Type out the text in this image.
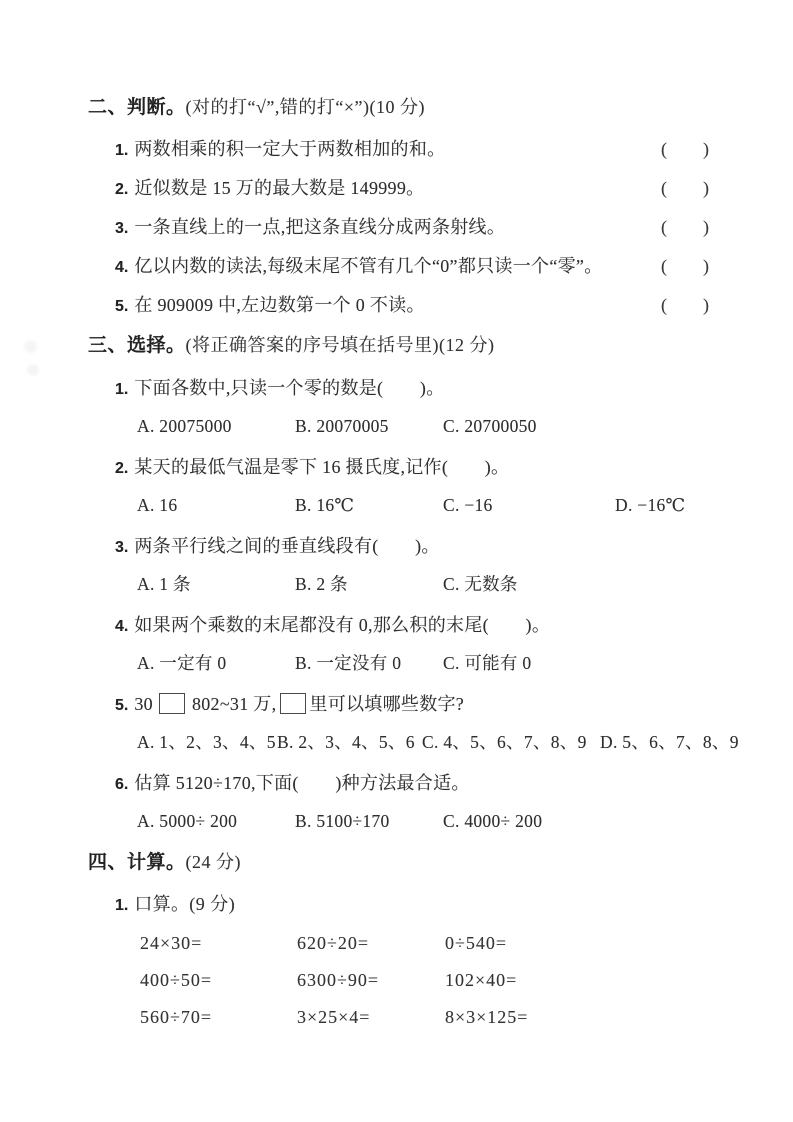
二、判断。(对的打“√”,错的打“×”)(10 分)
1. 两数相乘的积一定大于两数相加的和。	(　　)
2. 近似数是 15 万的最大数是 149999。	(　　)
3. 一条直线上的一点,把这条直线分成两条射线。	(　　)
4. 亿以内数的读法,每级末尾不管有几个“0”都只读一个“零”。	(　　)
5. 在 909009 中,左边数第一个 0 不读。	(　　)
三、选择。(将正确答案的序号填在括号里)(12 分)
1. 下面各数中,只读一个零的数是(　　)。
A. 20075000	B. 20070005	C. 20700050
2. 某天的最低气温是零下 16 摄氏度,记作(　　)。
A. 16	B. 16℃	C. −16	D. −16℃
3. 两条平行线之间的垂直线段有(　　)。
A. 1 条	B. 2 条	C. 无数条
4. 如果两个乘数的末尾都没有 0,那么积的末尾(　　)。
A. 一定有 0	B. 一定没有 0	C. 可能有 0
5. 30 802~31 万, 里可以填哪些数字?
A. 1、2、3、4、5 B. 2、3、4、5、6 C. 4、5、6、7、8、9 D. 5、6、7、8、9
6. 估算 5120÷170,下面(　　)种方法最合适。
A. 5000÷ 200	B. 5100÷170	C. 4000÷ 200
四、计算。(24 分)
1. 口算。(9 分)
24×30=	620÷20=	0÷540=
400÷50=	6300÷90=	102×40=
560÷70=	3×25×4=	8×3×125=
